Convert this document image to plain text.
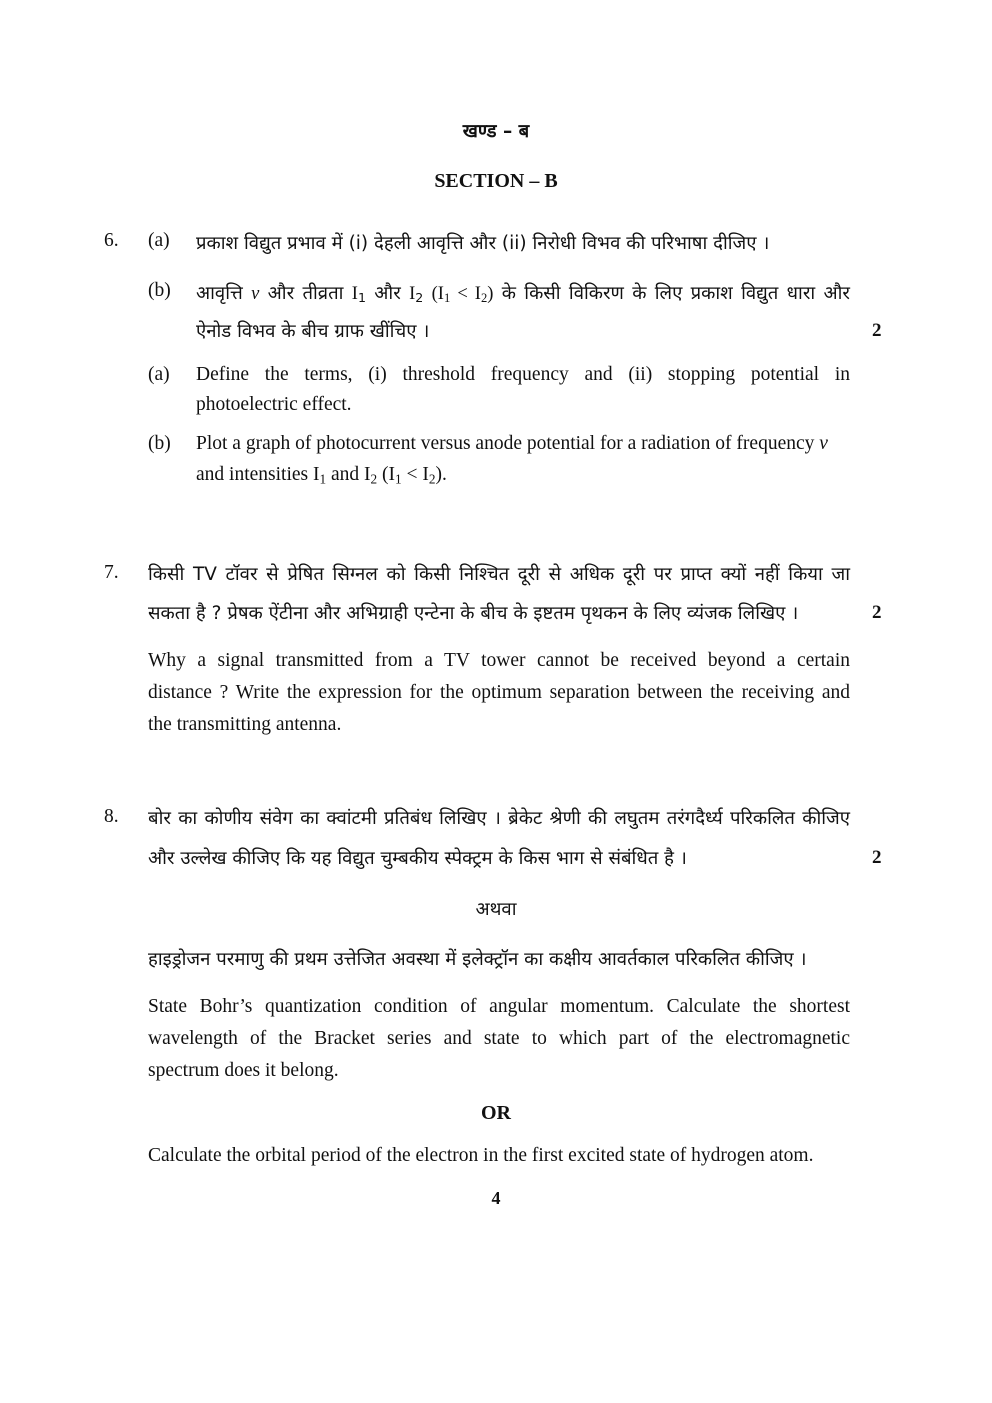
खण्ड – ब
SECTION – B
6. (a) प्रकाश विद्युत प्रभाव में (i) देहली आवृत्ति और (ii) निरोधी विभव की परिभाषा दीजिए ।
(b) आवृत्ति v और तीव्रता $I_1$ और $I_2$ $(I_1 < I_2)$ के किसी विकिरण के लिए प्रकाश विद्युत धारा और
ऐनोड विभव के बीच ग्राफ खींचिए ।	2
(a) Define the terms, (i) threshold frequency and (ii) stopping potential in
photoelectric effect.
(b) Plot a graph of photocurrent versus anode potential for a radiation of frequency v
and intensities $I_1$ and $I_2$ $(I_1 < I_2)$.
7. किसी TV टॉवर से प्रेषित सिग्नल को किसी निश्चित दूरी से अधिक दूरी पर प्राप्त क्यों नहीं किया जा
सकता है ? प्रेषक ऐंटीना और अभिग्राही एन्टेना के बीच के इष्टतम पृथकन के लिए व्यंजक लिखिए ।	2
Why a signal transmitted from a TV tower cannot be received beyond a certain
distance ? Write the expression for the optimum separation between the receiving and
the transmitting antenna.
8. बोर का कोणीय संवेग का क्वांटमी प्रतिबंध लिखिए । ब्रेकेट श्रेणी की लघुतम तरंगदैर्ध्य परिकलित कीजिए
और उल्लेख कीजिए कि यह विद्युत चुम्बकीय स्पेक्ट्रम के किस भाग से संबंधित है ।	2
अथवा
हाइड्रोजन परमाणु की प्रथम उत्तेजित अवस्था में इलेक्ट्रॉन का कक्षीय आवर्तकाल परिकलित कीजिए ।
State Bohr’s quantization condition of angular momentum. Calculate the shortest
wavelength of the Bracket series and state to which part of the electromagnetic
spectrum does it belong.
OR
Calculate the orbital period of the electron in the first excited state of hydrogen atom.
4
